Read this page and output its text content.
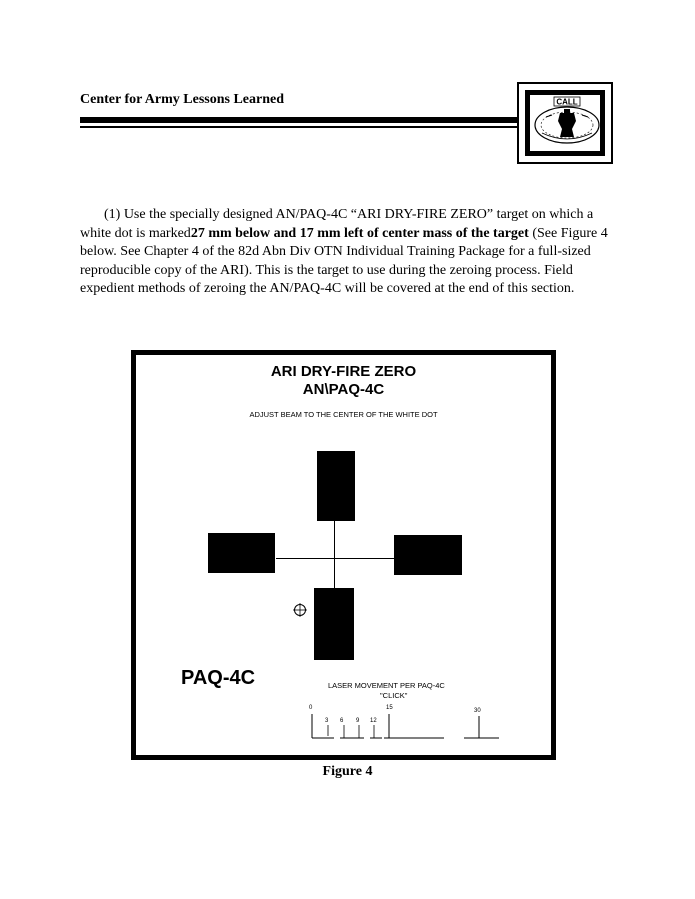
Center for Army Lessons Learned	CALL

(1) Use the specially designed AN/PAQ-4C “ARI DRY-FIRE ZERO” target on which a white dot is marked27 mm below and 17 mm left of center mass of the target (See Figure 4 below. See Chapter 4 of the 82d Abn Div OTN Individual Training Package for a full-sized reproducible copy of the ARI). This is the target to use during the zeroing process. Field expedient methods of zeroing the AN/PAQ-4C will be covered at the end of this section.

ARI DRY-FIRE ZERO
AN\PAQ-4C
ADJUST BEAM TO THE CENTER OF THE WHITE DOT
PAQ-4C	LASER MOVEMENT PER PAQ-4C
"CLICK"
0
3 6 9 12
15	30
Figure 4
